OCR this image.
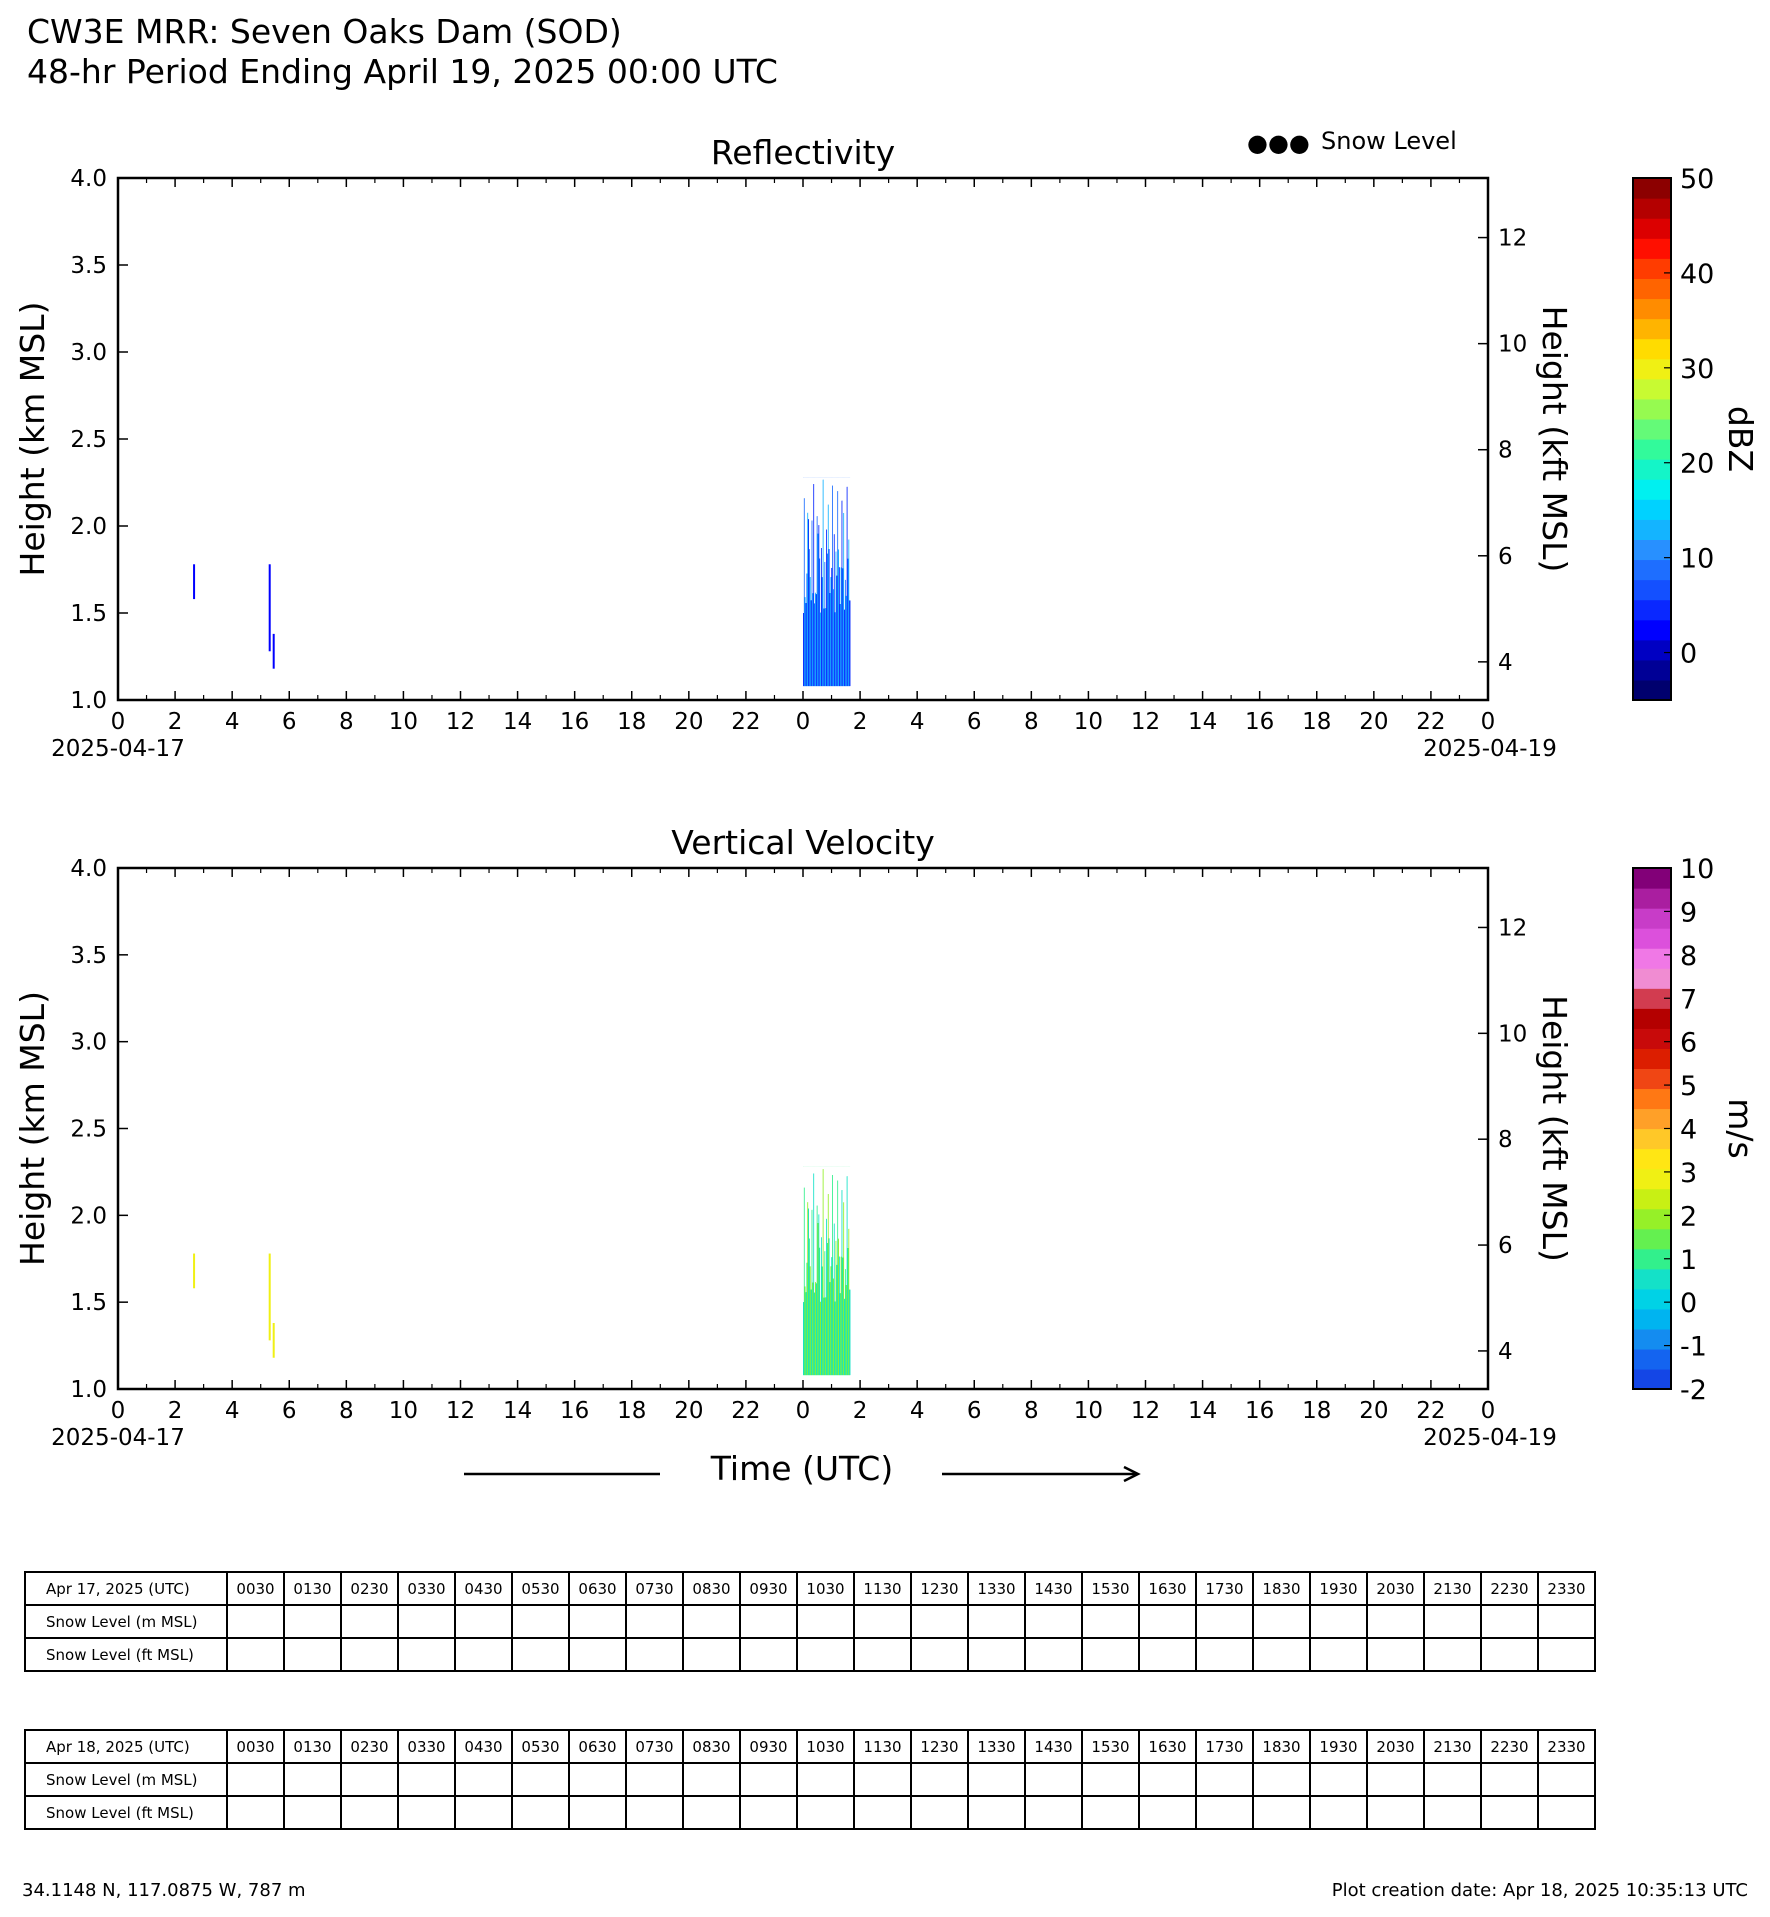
CW3E MRR: Seven Oaks Dam (SOD)
48-hr Period Ending April 19, 2025 00:00 UTC
Reflectivity
0 2 4 6 8 10 12 14 16 18 20 22 0 2 4 6 8 10 12 14 16 18 20 22 0
2025-04-17	2025-04-19
1.0
1.5
2.0
2.5
3.0
3.5
4.0
4
6
8
10
12
Height (km MSL)	Height (kft MSL)
0
10
20
30
40
50
dBZ
Vertical Velocity
0 2 4 6 8 10 12 14 16 18 20 22 0 2 4 6 8 10 12 14 16 18 20 22 0
2025-04-17	2025-04-19
1.0
1.5
2.0
2.5
3.0
3.5
4.0
4
6
8
10
12
Height (km MSL)	Height (kft MSL)
-2
-1
0
1
2
3
4
5
6
7
8
9
10
m/s
●●● Snow Level
Time (UTC)
Apr 17, 2025 (UTC)	0030	0130	0230	0330	0430	0530	0630	0730	0830	0930	1030	1130	1230	1330	1430	1530	1630	1730	1830	1930	2030	2130	2230	2330
Snow Level (m MSL)																								
Snow Level (ft MSL)																								
Apr 18, 2025 (UTC)	0030	0130	0230	0330	0430	0530	0630	0730	0830	0930	1030	1130	1230	1330	1430	1530	1630	1730	1830	1930	2030	2130	2230	2330
Snow Level (m MSL)																								
Snow Level (ft MSL)																								
34.1148 N, 117.0875 W, 787 m	Plot creation date: Apr 18, 2025 10:35:13 UTC
